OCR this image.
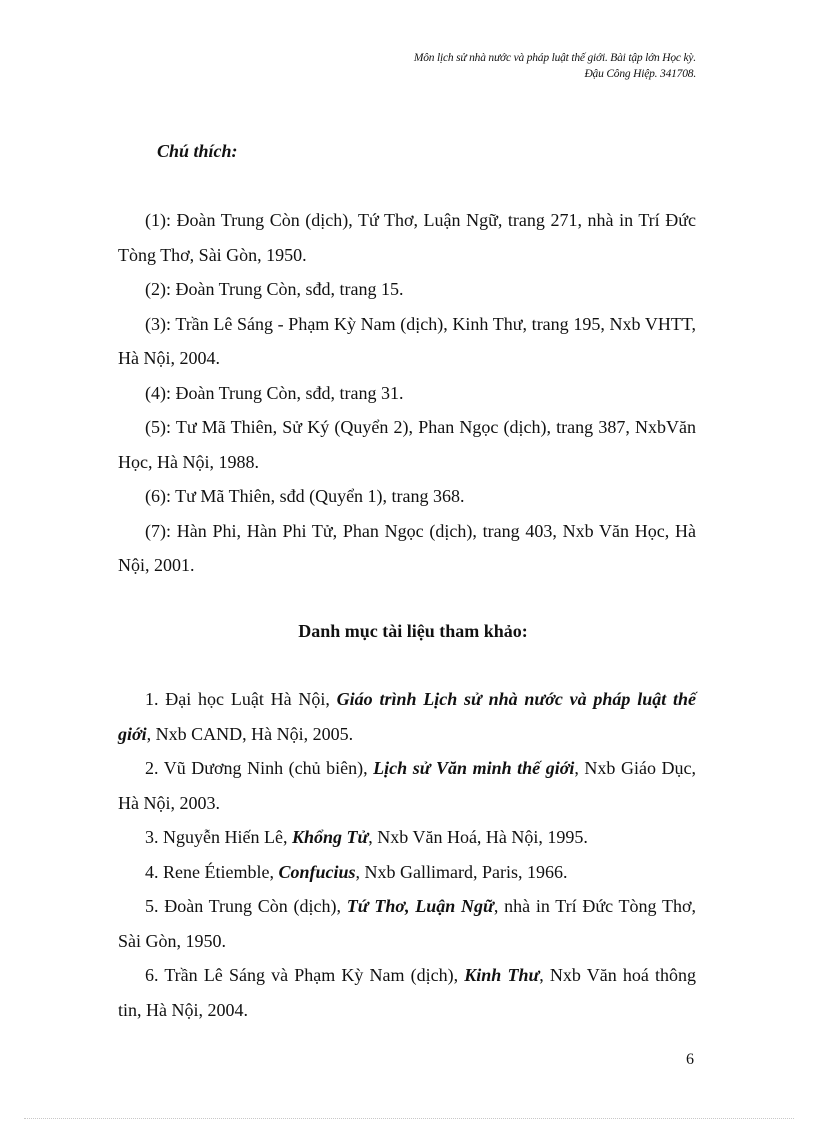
Môn lịch sử nhà nước và pháp luật thế giới. Bài tập lớn Học kỳ.
Đậu Công Hiệp. 341708.
Chú thích:

(1): Đoàn Trung Còn (dịch), Tứ Thơ, Luận Ngữ, trang 271, nhà in Trí Đức Tòng Thơ, Sài Gòn, 1950.

(2): Đoàn Trung Còn, sđd, trang 15.

(3): Trần Lê Sáng - Phạm Kỳ Nam (dịch), Kinh Thư, trang 195, Nxb VHTT, Hà Nội, 2004.

(4): Đoàn Trung Còn, sđd, trang 31.

(5): Tư Mã Thiên, Sử Ký (Quyển 2), Phan Ngọc (dịch), trang 387, NxbVăn Học, Hà Nội, 1988.

(6): Tư Mã Thiên, sđd (Quyển 1), trang 368.

(7): Hàn Phi, Hàn Phi Tử, Phan Ngọc (dịch), trang 403, Nxb Văn Học, Hà Nội, 2001.

Danh mục tài liệu tham khảo:

1. Đại học Luật Hà Nội, Giáo trình Lịch sử nhà nước và pháp luật thế giới, Nxb CAND, Hà Nội, 2005.

2. Vũ Dương Ninh (chủ biên), Lịch sử Văn minh thế giới, Nxb Giáo Dục, Hà Nội, 2003.

3. Nguyễn Hiến Lê, Khổng Tử, Nxb Văn Hoá, Hà Nội, 1995.

4. Rene Étiemble, Confucius, Nxb Gallimard, Paris, 1966.

5. Đoàn Trung Còn (dịch), Tứ Thơ, Luận Ngữ, nhà in Trí Đức Tòng Thơ, Sài Gòn, 1950.

6. Trần Lê Sáng và Phạm Kỳ Nam (dịch), Kinh Thư, Nxb Văn hoá thông tin, Hà Nội, 2004.

6
